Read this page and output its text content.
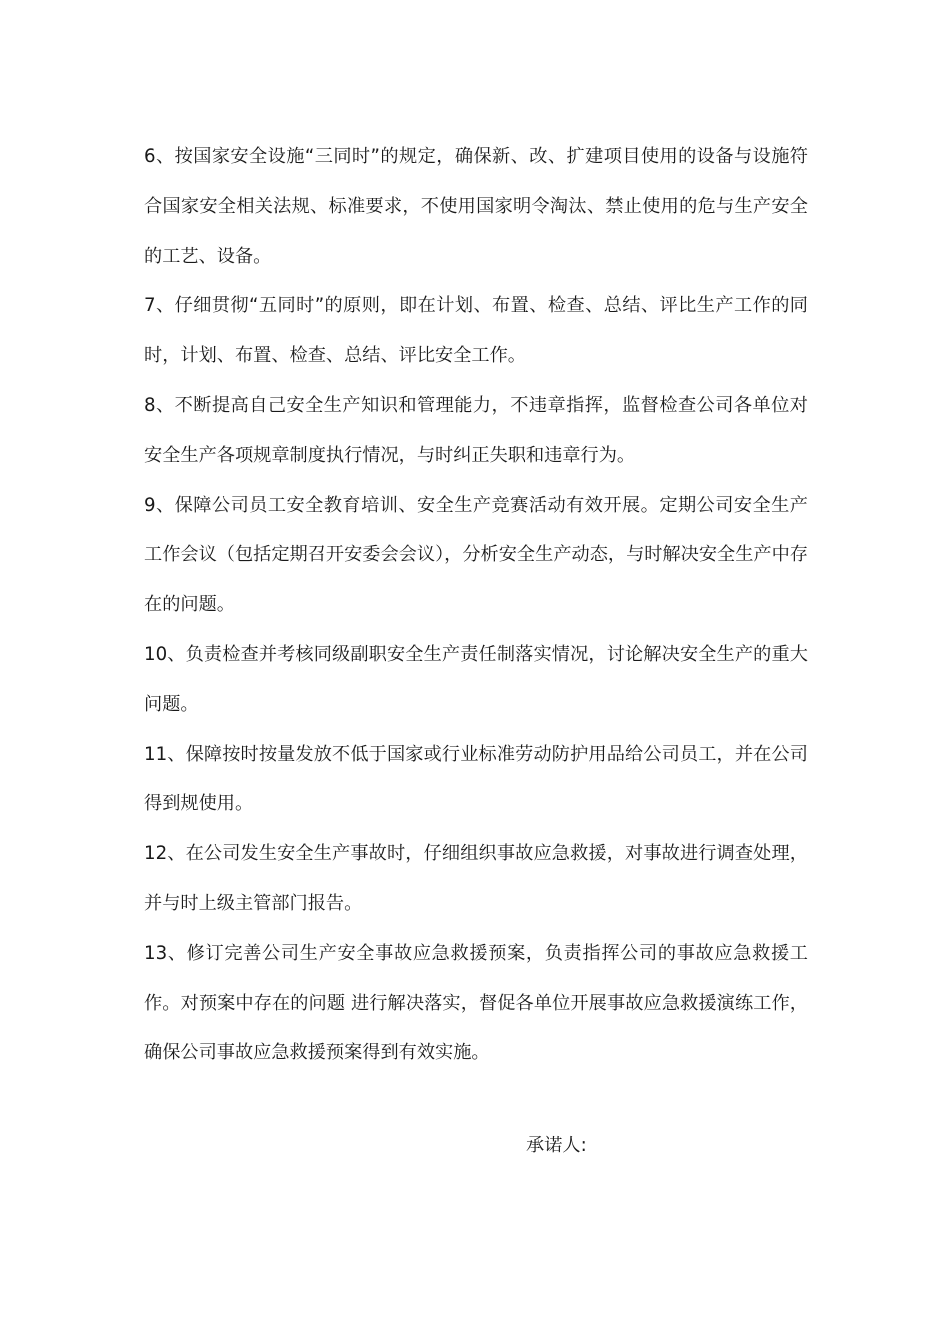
6、按国家安全设施“三同时”的规定，确保新、改、扩建项目使用的设备与设施符合国家安全相关法规、标准要求，不使用国家明令淘汰、禁止使用的危与生产安全的工艺、设备。

7、仔细贯彻“五同时”的原则，即在计划、布置、检查、总结、评比生产工作的同时，计划、布置、检查、总结、评比安全工作。

8、不断提高自己安全生产知识和管理能力，不违章指挥，监督检查公司各单位对安全生产各项规章制度执行情况，与时纠正失职和违章行为。

9、保障公司员工安全教育培训、安全生产竞赛活动有效开展。定期公司安全生产工作会议（包括定期召开安委会会议），分析安全生产动态，与时解决安全生产中存在的问题。

10、负责检查并考核同级副职安全生产责任制落实情况，讨论解决安全生产的重大问题。

11、保障按时按量发放不低于国家或行业标准劳动防护用品给公司员工，并在公司得到规使用。

12、在公司发生安全生产事故时，仔细组织事故应急救援，对事故进行调查处理，并与时上级主管部门报告。

13、修订完善公司生产安全事故应急救援预案，负责指挥公司的事故应急救援工作。对预案中存在的问题 进行解决落实，督促各单位开展事故应急救援演练工作，确保公司事故应急救援预案得到有效实施。

承诺人:
